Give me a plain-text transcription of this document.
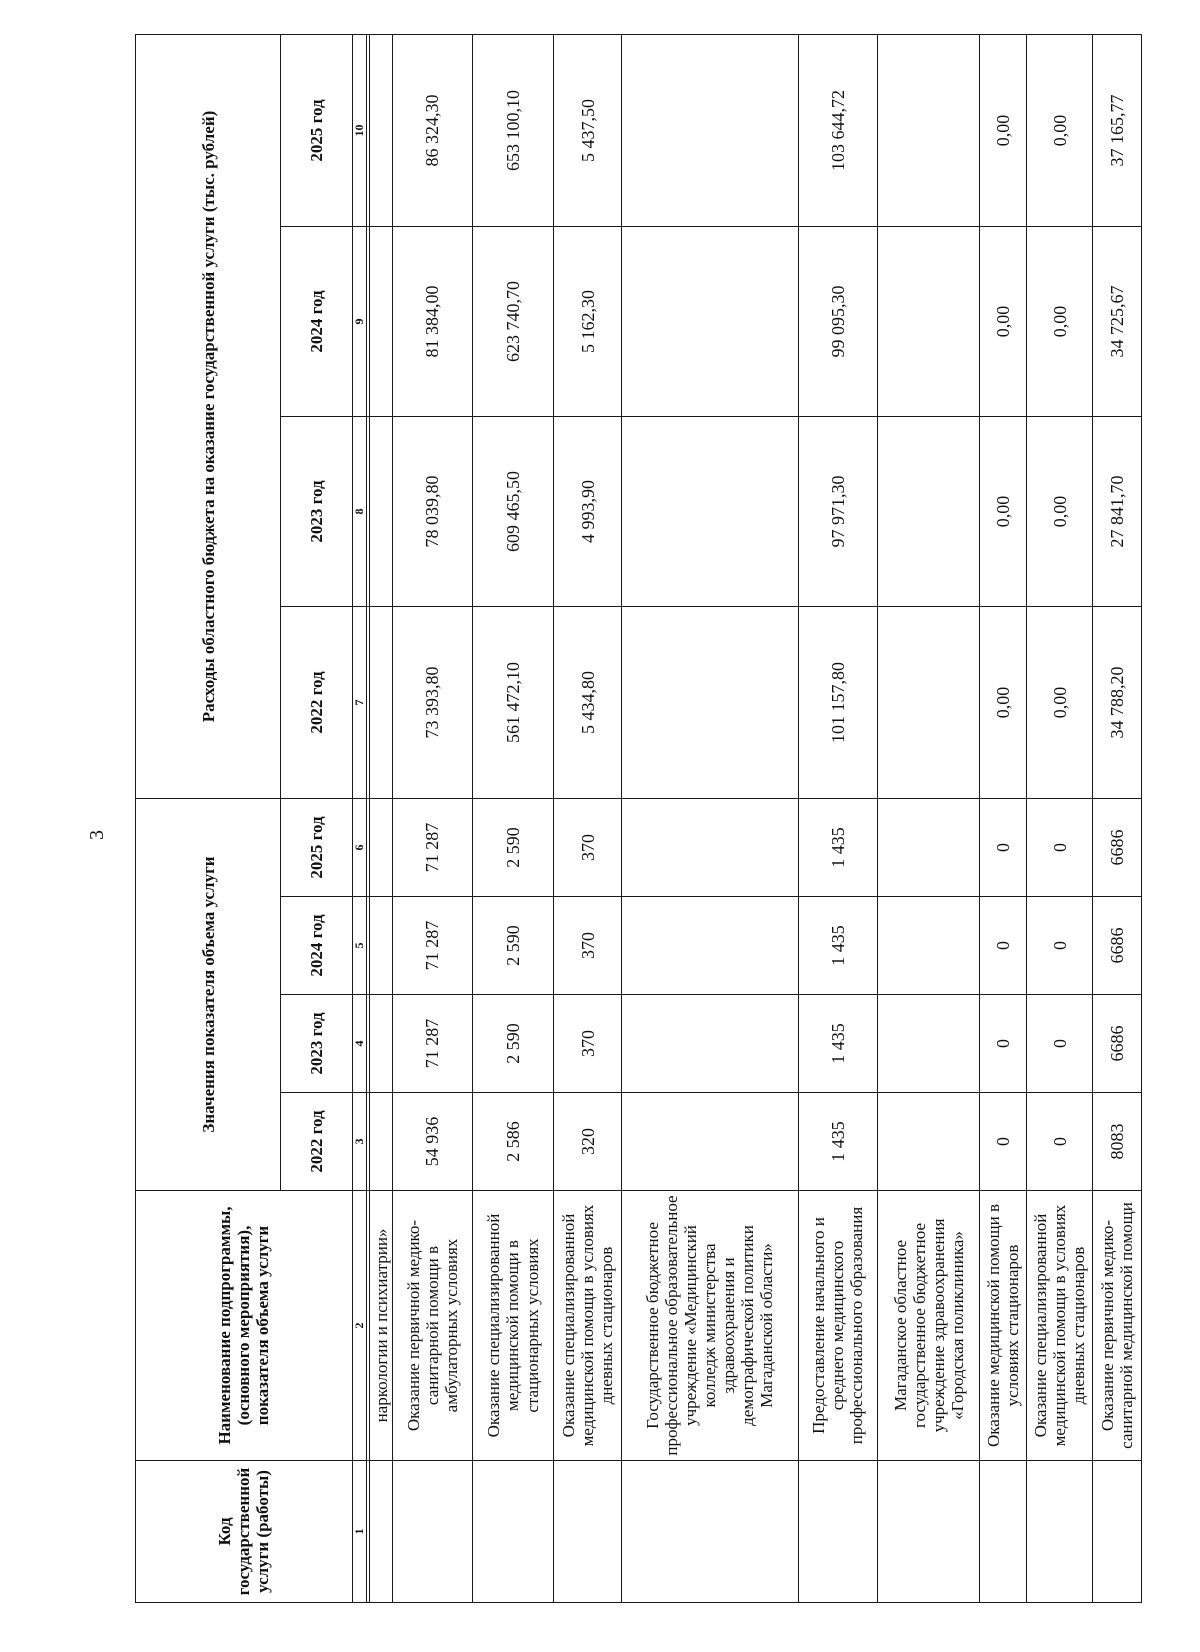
3
Код государственной услуги (работы)	Наименование подпрограммы, (основного мероприятия), показателя объема услуги	Значения показателя объема услуги				Расходы областного бюджета на оказание государственной услуги (тыс. рублей)			
		2022 год	2023 год	2024 год	2025 год	2022 год	2023 год	2024 год	2025 год
1	2	3	4	5	6	7	8	9	10

	наркологии и психиатрии»								
	Оказание первичной медико-санитарной помощи в амбулаторных условиях	54 936	71 287	71 287	71 287	73 393,80	78 039,80	81 384,00	86 324,30
	Оказание специализированной медицинской помощи в стационарных условиях	2 586	2 590	2 590	2 590	561 472,10	609 465,50	623 740,70	653 100,10
	Оказание специализированной медицинской помощи в условиях дневных стационаров	320	370	370	370	5 434,80	4 993,90	5 162,30	5 437,50
	Государственное бюджетное профессиональное образовательное учреждение «Медицинский колледж министерства здравоохранения и демографической политики Магаданской области»								
	Предоставление начального и среднего медицинского профессионального образования	1 435	1 435	1 435	1 435	101 157,80	97 971,30	99 095,30	103 644,72
	Магаданское областное государственное бюджетное учреждение здравоохранения «Городская поликлиника»								
	Оказание медицинской помощи в условиях стационаров	0	0	0	0	0,00	0,00	0,00	0,00
	Оказание специализированной медицинской помощи в условиях дневных стационаров	0	0	0	0	0,00	0,00	0,00	0,00
	Оказание первичной медико-санитарной медицинской помощи	8083	6686	6686	6686	34 788,20	27 841,70	34 725,67	37 165,77
